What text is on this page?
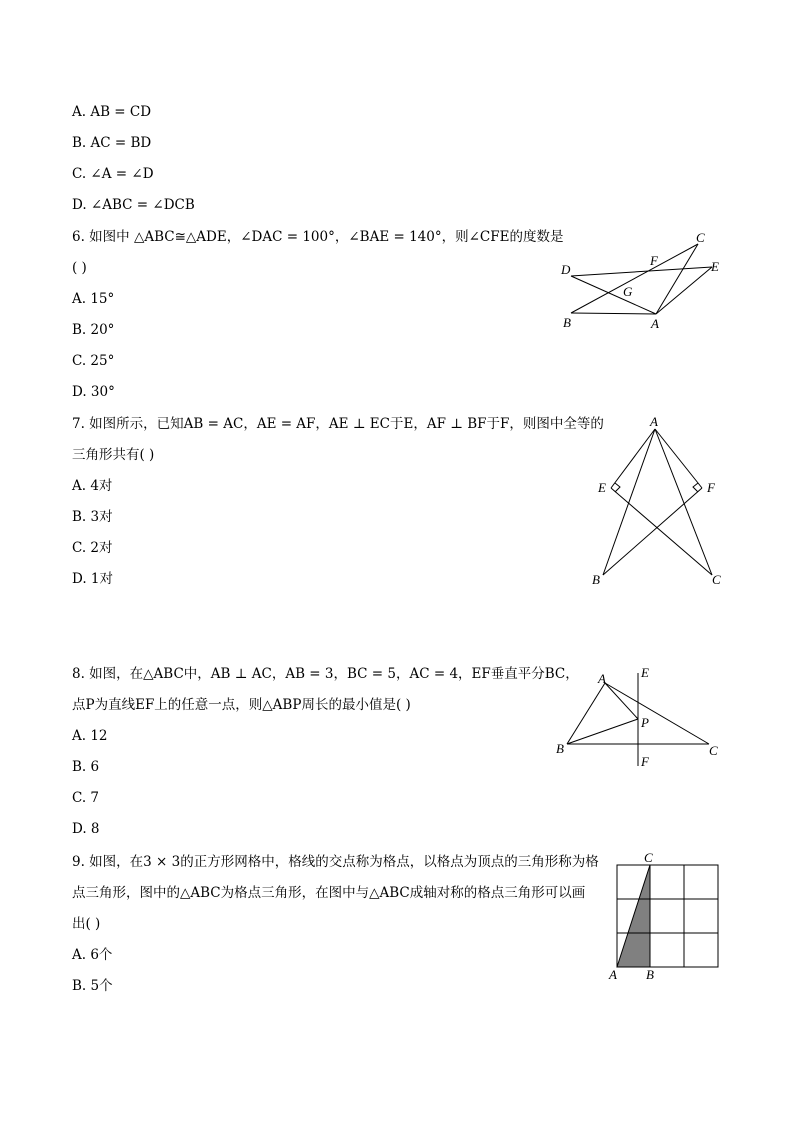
A. AB = CD
B. AC = BD
C. ∠A = ∠D
D. ∠ABC = ∠DCB
6. 如图中 △ABC≅△ADE，∠DAC = 100°，∠BAE = 140°，则∠CFE的度数是
( )
A. 15°
B. 20°
C. 25°
D. 30°
C
D
F	E
G
B	A
7. 如图所示，已知AB = AC，AE = AF，AE ⊥ EC于E，AF ⊥ BF于F，则图中全等的
三角形共有( )
A. 4对
B. 3对
C. 2对
D. 1对
A
E	F
B	C
8. 如图，在△ABC中，AB ⊥ AC，AB = 3，BC = 5，AC = 4，EF垂直平分BC，
点P为直线EF上的任意一点，则△ABP周长的最小值是( )
A. 12
B. 6
C. 7
D. 8
A	E
P
B	C
F
9. 如图，在3 × 3的正方形网格中，格线的交点称为格点，以格点为顶点的三角形称为格
点三角形，图中的△ABC为格点三角形，在图中与△ABC成轴对称的格点三角形可以画
出( )
A. 6个
B. 5个
C
A B
